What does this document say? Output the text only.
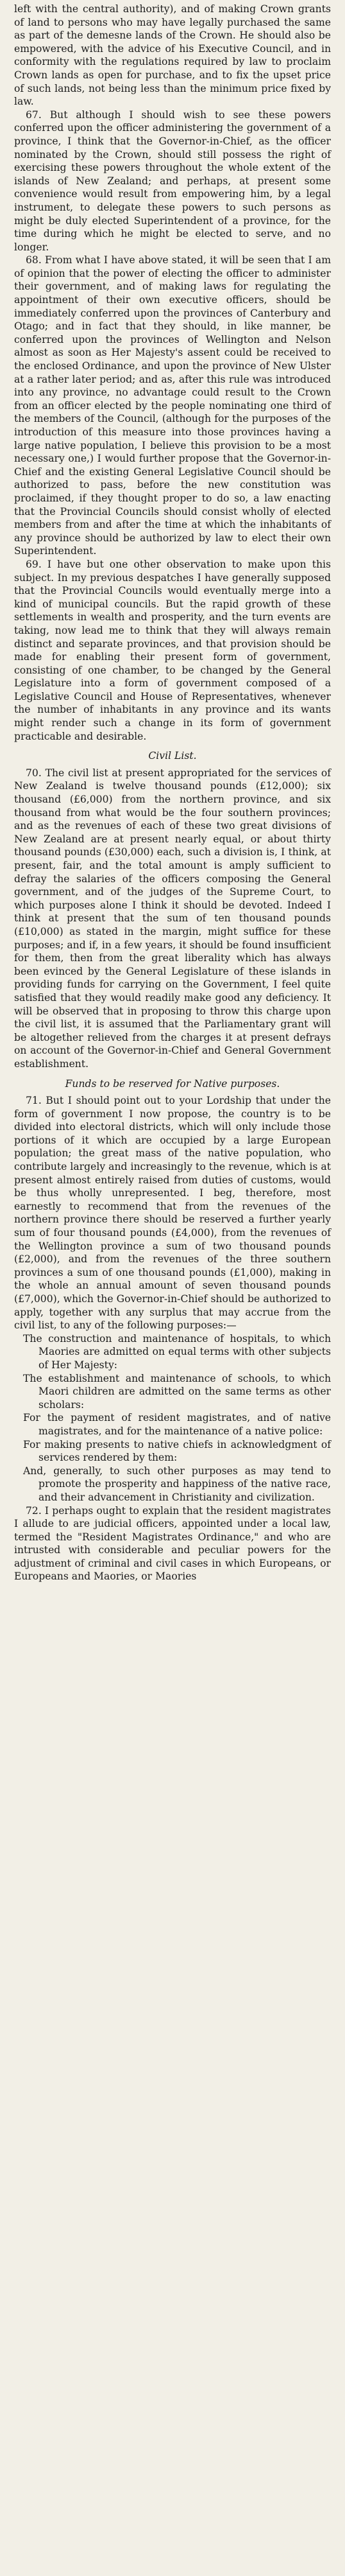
left with the central authority), and of making Crown grants of land to persons who may have legally purchased the same as part of the demesne lands of the Crown. He should also be empowered, with the advice of his Executive Council, and in conformity with the regulations required by law to proclaim Crown lands as open for purchase, and to fix the upset price of such lands, not being less than the minimum price fixed by law.

67. But although I should wish to see these powers conferred upon the officer administering the government of a province, I think that the Governor-in-Chief, as the officer nominated by the Crown, should still possess the right of exercising these powers throughout the whole extent of the islands of New Zealand; and perhaps, at present some convenience would result from empowering him, by a legal instrument, to delegate these powers to such persons as might be duly elected Superintendent of a province, for the time during which he might be elected to serve, and no longer.

68. From what I have above stated, it will be seen that I am of opinion that the power of electing the officer to administer their government, and of making laws for regulating the appointment of their own executive officers, should be immediately conferred upon the provinces of Canterbury and Otago; and in fact that they should, in like manner, be conferred upon the provinces of Wellington and Nelson almost as soon as Her Majesty's assent could be received to the enclosed Ordinance, and upon the province of New Ulster at a rather later period; and as, after this rule was introduced into any province, no advantage could result to the Crown from an officer elected by the people nominating one third of the members of the Council, (although for the purposes of the introduction of this measure into those provinces having a large native population, I believe this provision to be a most necessary one,) I would further propose that the Governor-in-Chief and the existing General Legislative Council should be authorized to pass, before the new constitution was proclaimed, if they thought proper to do so, a law enacting that the Provincial Councils should consist wholly of elected members from and after the time at which the inhabitants of any province should be authorized by law to elect their own Superintendent.

69. I have but one other observation to make upon this subject. In my previous despatches I have generally supposed that the Provincial Councils would eventually merge into a kind of municipal councils. But the rapid growth of these settlements in wealth and prosperity, and the turn events are taking, now lead me to think that they will always remain distinct and separate provinces, and that provision should be made for enabling their present form of government, consisting of one chamber, to be changed by the General Legislature into a form of government composed of a Legislative Council and House of Representatives, whenever the number of inhabitants in any province and its wants might render such a change in its form of government practicable and desirable.

Civil List.

70. The civil list at present appropriated for the services of New Zealand is twelve thousand pounds (£12,000); six thousand (£6,000) from the northern province, and six thousand from what would be the four southern provinces; and as the revenues of each of these two great divisions of New Zealand are at present nearly equal, or about thirty thousand pounds (£30,000) each, such a division is, I think, at present, fair, and the total amount is amply sufficient to defray the salaries of the officers composing the General government, and of the judges of the Supreme Court, to which purposes alone I think it should be devoted. Indeed I think at present that the sum of ten thousand pounds (£10,000) as stated in the margin, might suffice for these purposes; and if, in a few years, it should be found insufficient for them, then from the great liberality which has always been evinced by the General Legislature of these islands in providing funds for carrying on the Government, I feel quite satisfied that they would readily make good any deficiency. It will be observed that in proposing to throw this charge upon the civil list, it is assumed that the Parliamentary grant will be altogether relieved from the charges it at present defrays on account of the Governor-in-Chief and General Government establishment.

Funds to be reserved for Native purposes.

71. But I should point out to your Lordship that under the form of government I now propose, the country is to be divided into electoral districts, which will only include those portions of it which are occupied by a large European population; the great mass of the native population, who contribute largely and increasingly to the revenue, which is at present almost entirely raised from duties of customs, would be thus wholly unrepresented. I beg, therefore, most earnestly to recommend that from the revenues of the northern province there should be reserved a further yearly sum of four thousand pounds (£4,000), from the revenues of the Wellington province a sum of two thousand pounds (£2,000), and from the revenues of the three southern provinces a sum of one thousand pounds (£1,000), making in the whole an annual amount of seven thousand pounds (£7,000), which the Governor-in-Chief should be authorized to apply, together with any surplus that may accrue from the civil list, to any of the following purposes:—

The construction and maintenance of hospitals, to which Maories are admitted on equal terms with other subjects of Her Majesty:

The establishment and maintenance of schools, to which Maori children are admitted on the same terms as other scholars:

For the payment of resident magistrates, and of native magistrates, and for the maintenance of a native police:

For making presents to native chiefs in acknowledgment of services rendered by them:

And, generally, to such other purposes as may tend to promote the prosperity and happiness of the native race, and their advancement in Christianity and civilization.

72. I perhaps ought to explain that the resident magistrates I allude to are judicial officers, appointed under a local law, termed the "Resident Magistrates Ordinance," and who are intrusted with considerable and peculiar powers for the adjustment of criminal and civil cases in which Europeans, or Europeans and Maories, or Maories
